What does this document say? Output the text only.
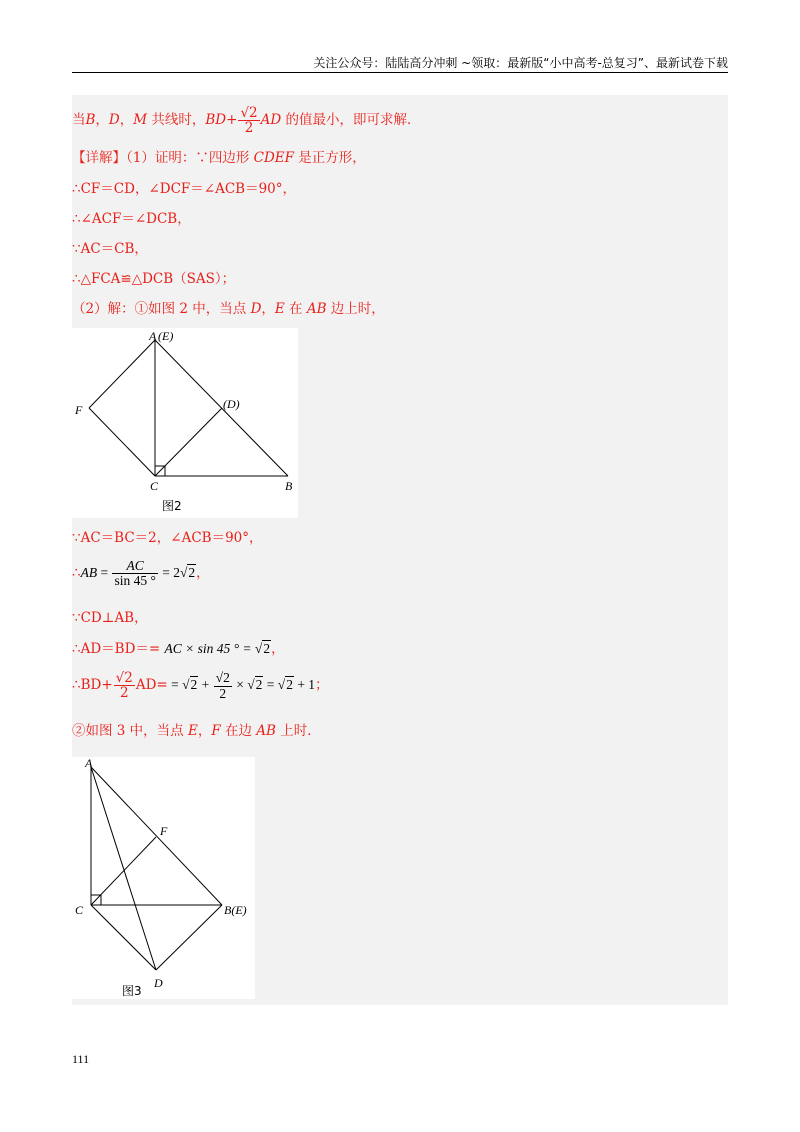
关注公众号：陆陆高分冲刺 ~领取：最新版“小中高考-总复习”、最新试卷下载
当B，D，M 共线时，$BD+ \frac{√2}{2}$ AD 的值最小，即可求解．
【详解】（1）证明：∵四边形 CDEF 是正方形，
∴CF＝CD，∠DCF＝∠ACB＝90°，
∴∠ACF＝∠DCB，
∵AC＝CB，
∴△FCA≌△DCB（SAS）；
（2）解：①如图 2 中，当点 D，E 在 AB 边上时，
A (E)
F	(D)
C	B
图2
∵AC＝BC＝2，∠ACB＝90°，
∴AB = $\frac{AC}{\sin 45 ^\circ} = 2√2$，
∵CD⊥AB，
∴AD＝BD＝= AC × sin 45 ° = √2，
∴BD+ $\frac{√2}{2} AD= = √2 + \frac{√2}{2} \times √2 = √2 + 1$；
②如图 3 中，当点 E，F 在边 AB 上时．
A
F
C	B(E)
D
图3
111
